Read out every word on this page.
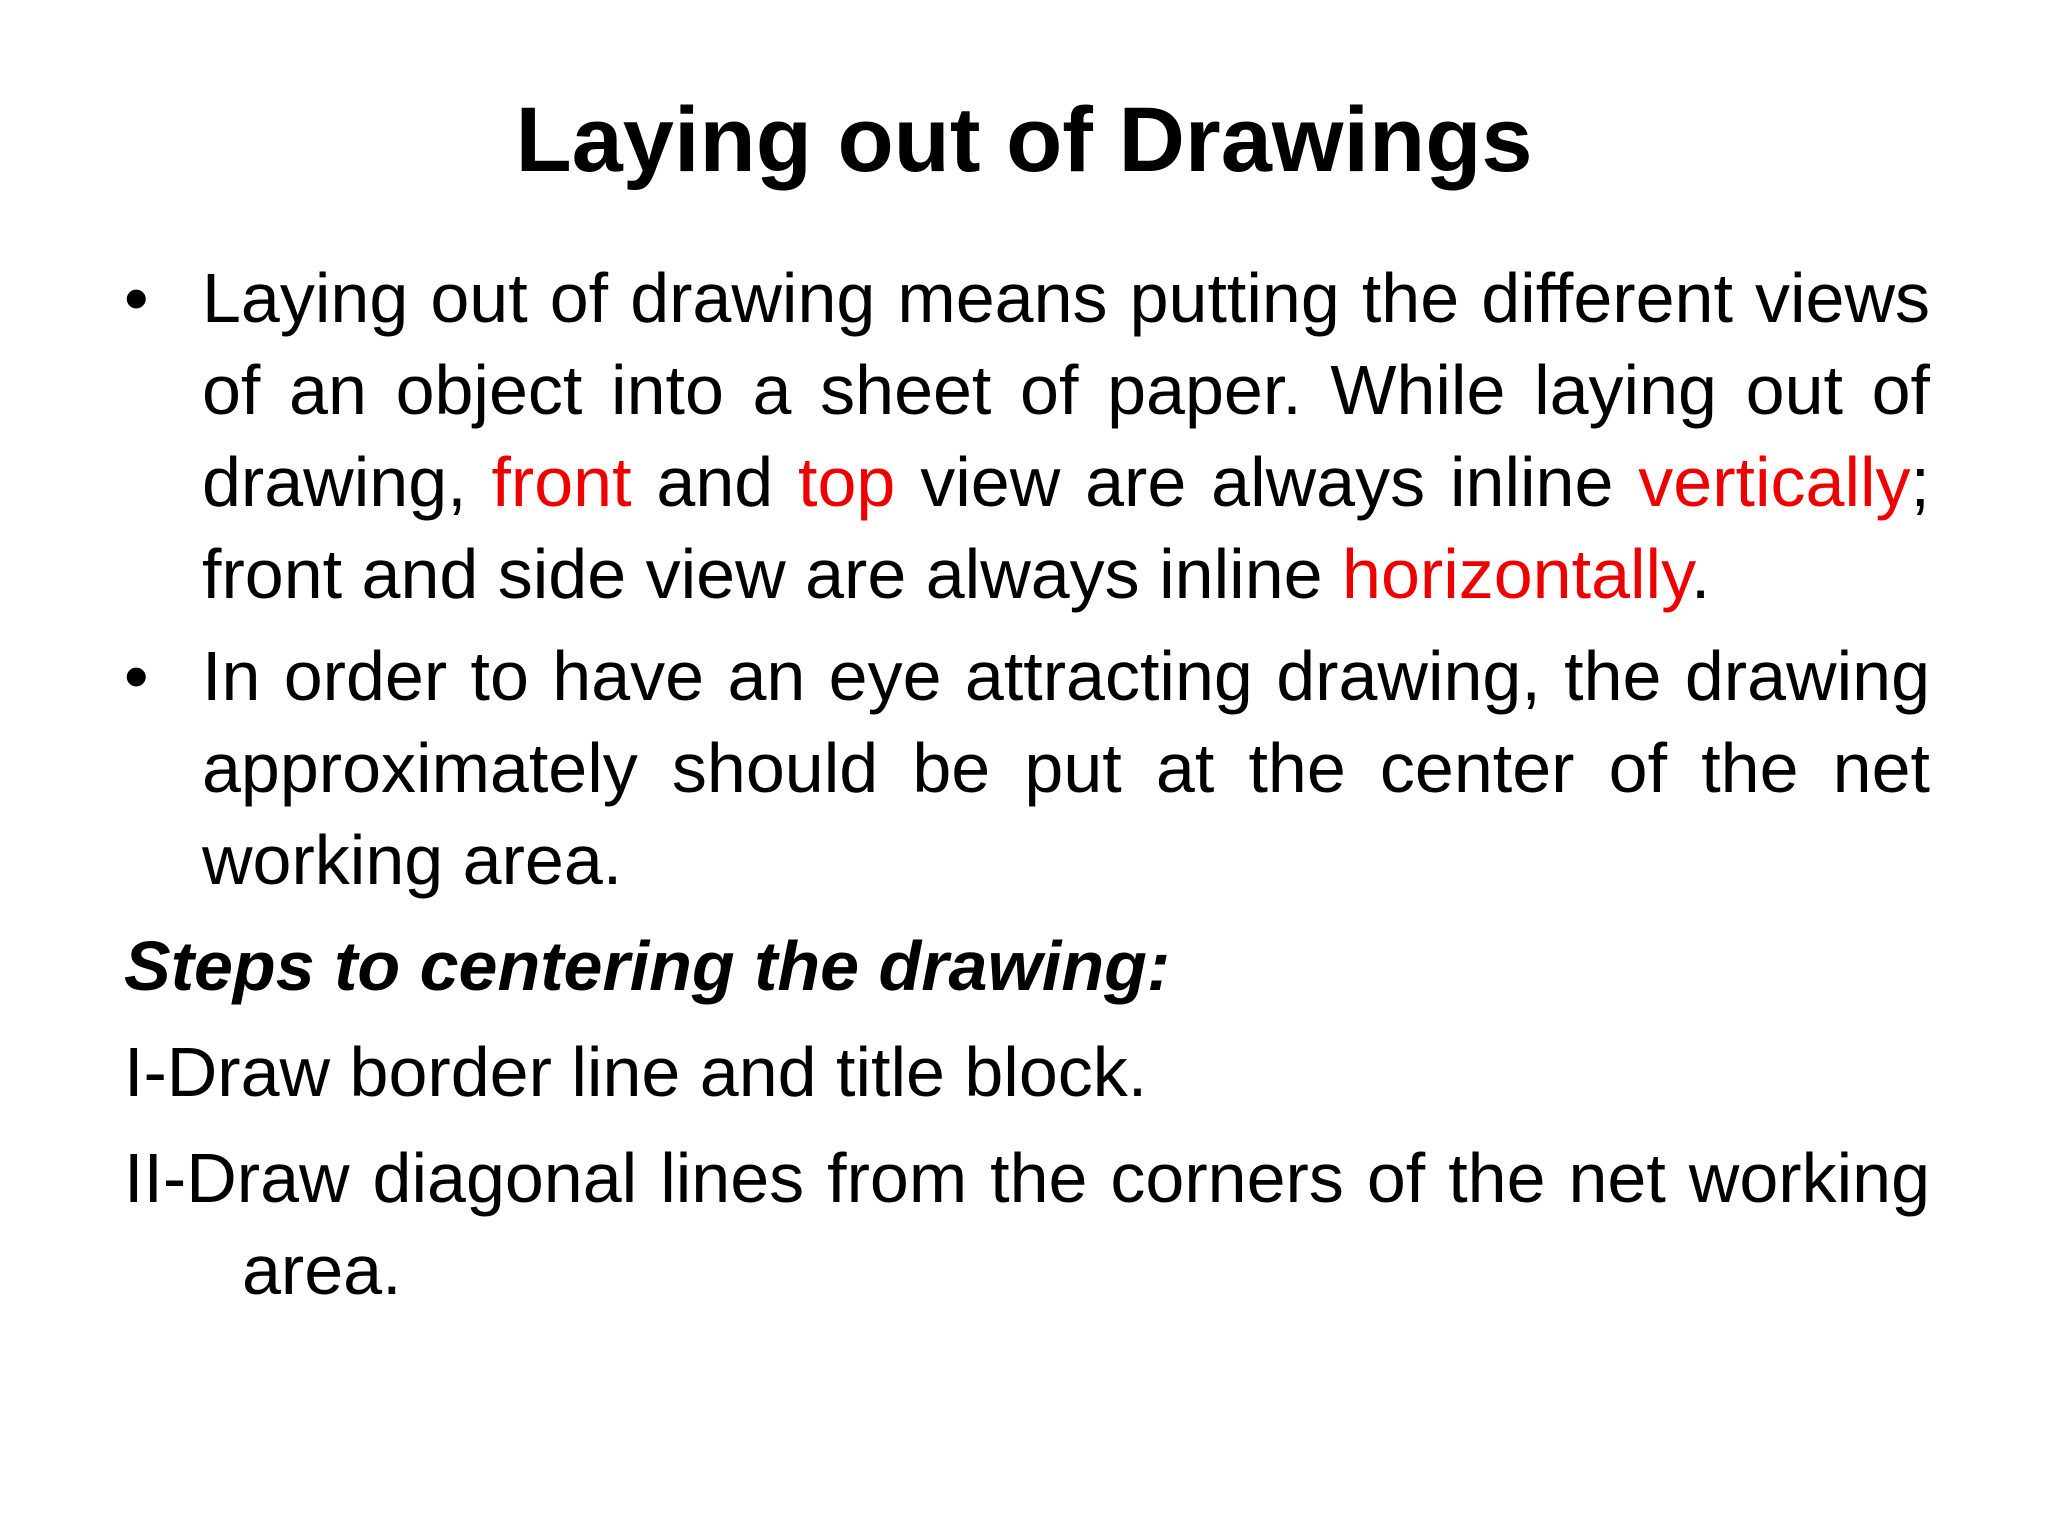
Laying out of Drawings

• Laying out of drawing means putting the different views of an object into a sheet of paper. While laying out of drawing, front and top view are always inline vertically; front and side view are always inline horizontally.

• In order to have an eye attracting drawing, the drawing approximately should be put at the center of the net working area.

Steps to centering the drawing:

I-Draw border line and title block.

II-Draw diagonal lines from the corners of the net working area.
